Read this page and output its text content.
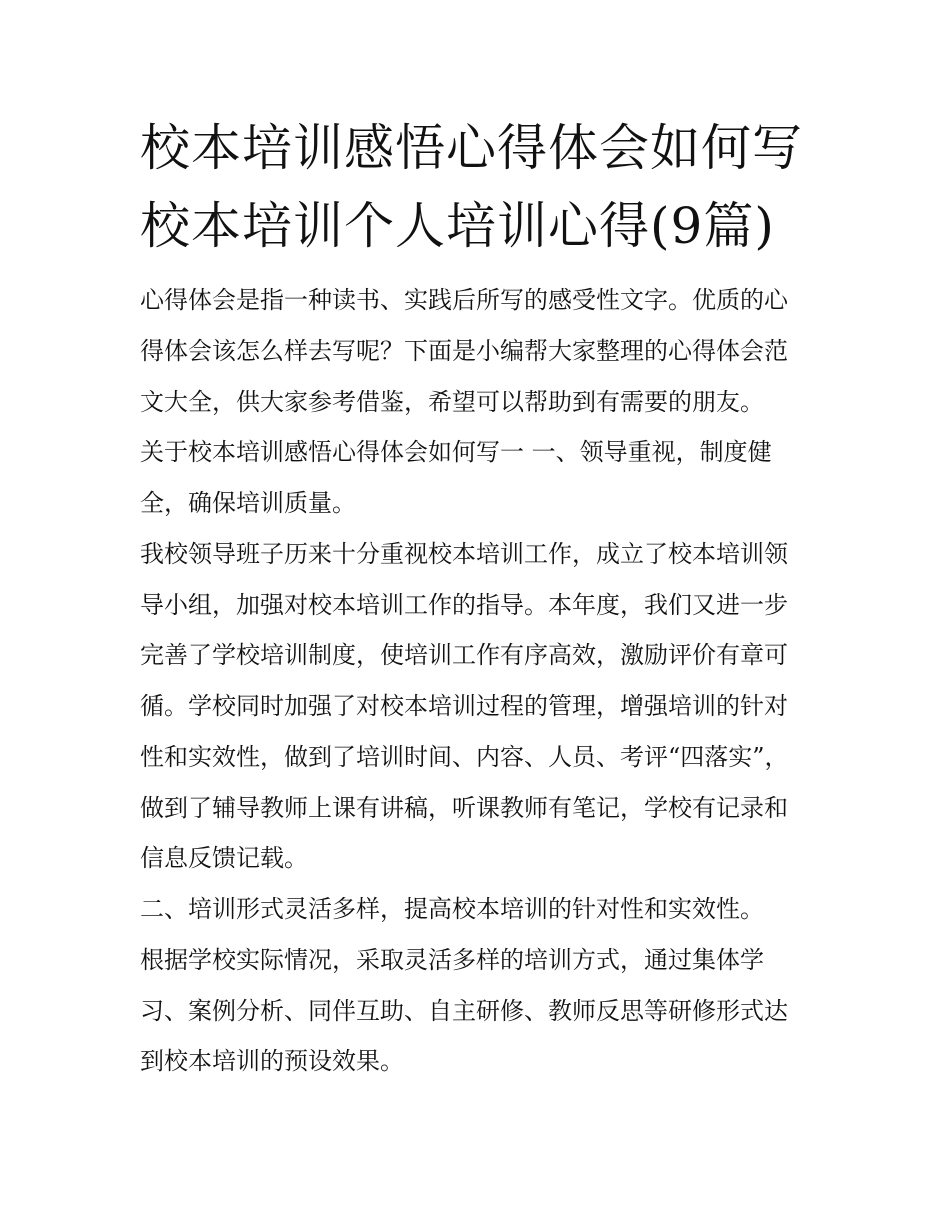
校本培训感悟心得体会如何写
校本培训个人培训心得(9篇)
心得体会是指一种读书、实践后所写的感受性文字。优质的心
得体会该怎么样去写呢？下面是小编帮大家整理的心得体会范
文大全，供大家参考借鉴，希望可以帮助到有需要的朋友。
关于校本培训感悟心得体会如何写一 一、领导重视，制度健
全，确保培训质量。
我校领导班子历来十分重视校本培训工作，成立了校本培训领
导小组，加强对校本培训工作的指导。本年度，我们又进一步
完善了学校培训制度，使培训工作有序高效，激励评价有章可
循。学校同时加强了对校本培训过程的管理，增强培训的针对
性和实效性，做到了培训时间、内容、人员、考评“四落实”，
做到了辅导教师上课有讲稿，听课教师有笔记，学校有记录和
信息反馈记载。
二、培训形式灵活多样，提高校本培训的针对性和实效性。
根据学校实际情况，采取灵活多样的培训方式，通过集体学
习、案例分析、同伴互助、自主研修、教师反思等研修形式达
到校本培训的预设效果。
